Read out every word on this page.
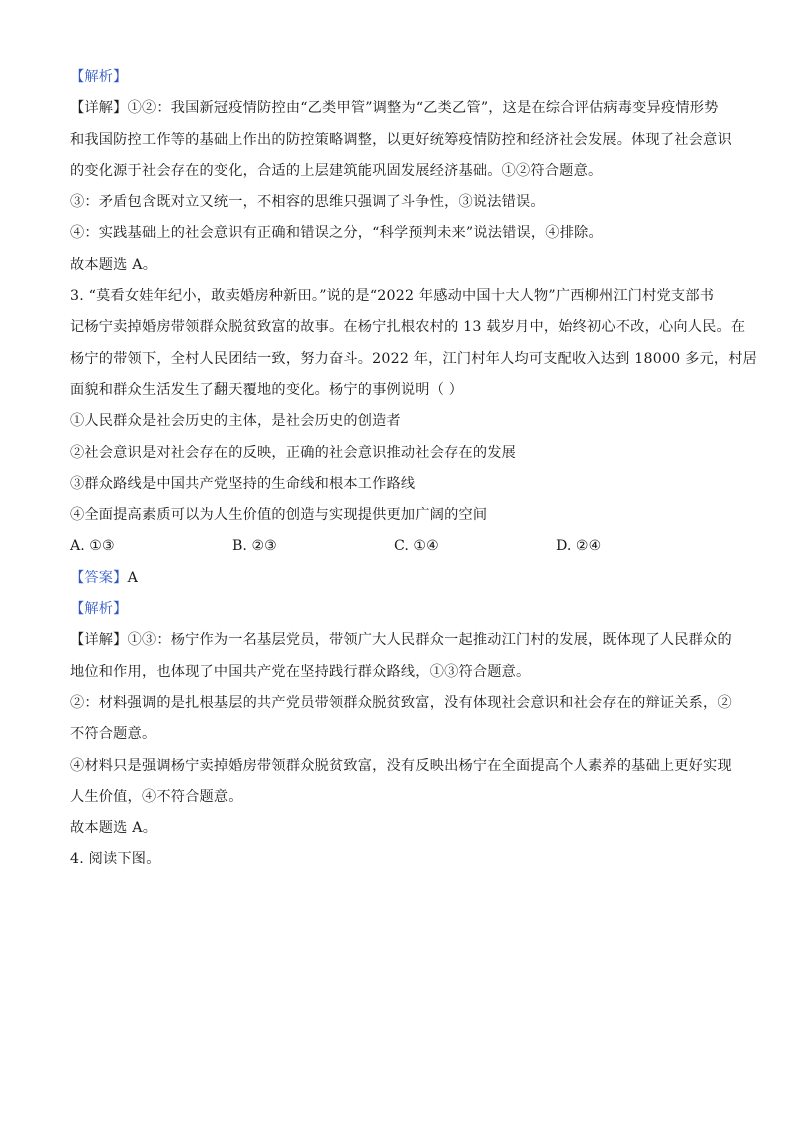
【解析】
【详解】①②：我国新冠疫情防控由“乙类甲管”调整为“乙类乙管”，这是在综合评估病毒变异疫情形势
和我国防控工作等的基础上作出的防控策略调整，以更好统筹疫情防控和经济社会发展。体现了社会意识
的变化源于社会存在的变化，合适的上层建筑能巩固发展经济基础。①②符合题意。
③：矛盾包含既对立又统一，不相容的思维只强调了斗争性，③说法错误。
④：实践基础上的社会意识有正确和错误之分，“科学预判未来”说法错误，④排除。
故本题选 A。
3. “莫看女娃年纪小，敢卖婚房种新田。”说的是“2022 年感动中国十大人物”广西柳州江门村党支部书
记杨宁卖掉婚房带领群众脱贫致富的故事。在杨宁扎根农村的 13 载岁月中，始终初心不改，心向人民。在
杨宁的带领下，全村人民团结一致，努力奋斗。2022 年，江门村年人均可支配收入达到 18000 多元，村居
面貌和群众生活发生了翻天覆地的变化。杨宁的事例说明（ ）
①人民群众是社会历史的主体，是社会历史的创造者
②社会意识是对社会存在的反映，正确的社会意识推动社会存在的发展
③群众路线是中国共产党坚持的生命线和根本工作路线
④全面提高素质可以为人生价值的创造与实现提供更加广阔的空间
A. ①③	B. ②③	C. ①④	D. ②④
【答案】A
【解析】
【详解】①③：杨宁作为一名基层党员，带领广大人民群众一起推动江门村的发展，既体现了人民群众的
地位和作用，也体现了中国共产党在坚持践行群众路线，①③符合题意。
②：材料强调的是扎根基层的共产党员带领群众脱贫致富，没有体现社会意识和社会存在的辩证关系，②
不符合题意。
④材料只是强调杨宁卖掉婚房带领群众脱贫致富，没有反映出杨宁在全面提高个人素养的基础上更好实现
人生价值，④不符合题意。
故本题选 A。
4. 阅读下图。
